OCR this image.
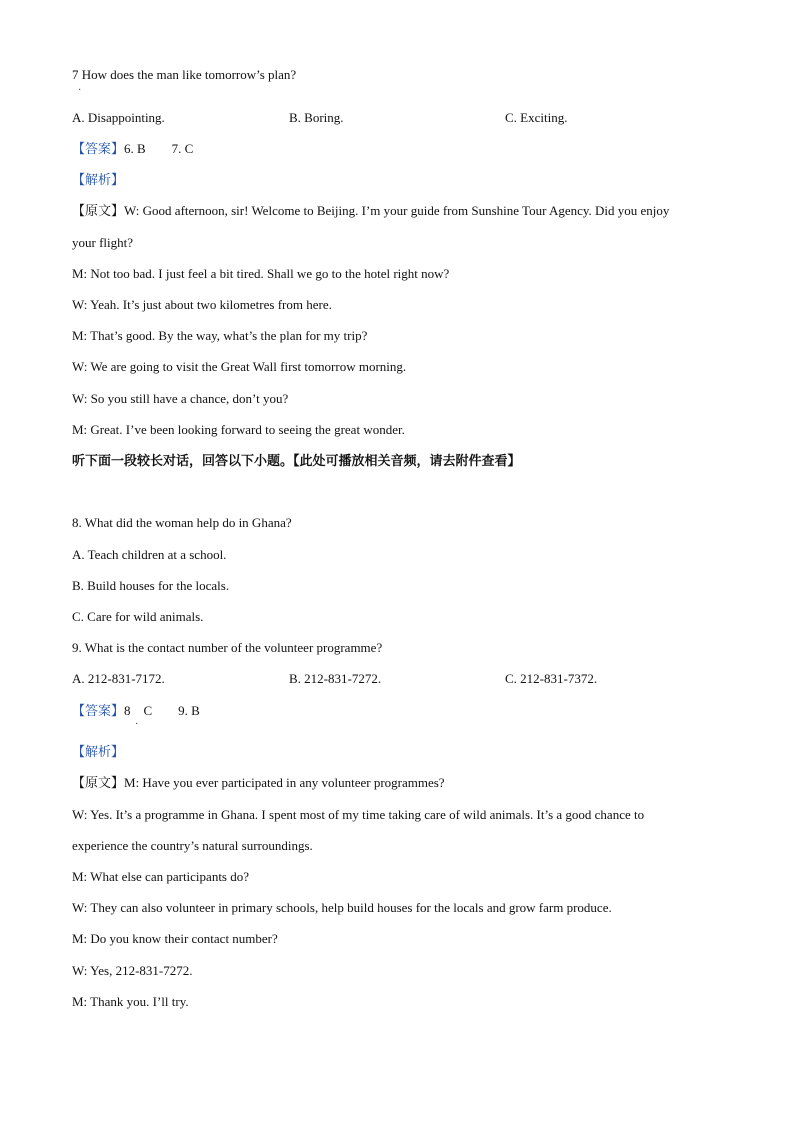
7 How does the man like tomorrow’s plan?
·
A. Disappointing.	B. Boring.	C. Exciting.
【答案】6. B        7. C
【解析】
【原文】W: Good afternoon, sir! Welcome to Beijing. I’m your guide from Sunshine Tour Agency. Did you enjoy
your flight?
M: Not too bad. I just feel a bit tired. Shall we go to the hotel right now?
W: Yeah. It’s just about two kilometres from here.
M: That’s good. By the way, what’s the plan for my trip?
W: We are going to visit the Great Wall first tomorrow morning.
W: So you still have a chance, don’t you?
M: Great. I’ve been looking forward to seeing the great wonder.
听下面一段较长对话，回答以下小题。【此处可播放相关音频，请去附件查看】
8. What did the woman help do in Ghana?
A. Teach children at a school.
B. Build houses for the locals.
C. Care for wild animals.
9. What is the contact number of the volunteer programme?
A. 212-831-7172.	B. 212-831-7272.	C. 212-831-7372.
【答案】8    C        9. B
·
【解析】
【原文】M: Have you ever participated in any volunteer programmes?
W: Yes. It’s a programme in Ghana. I spent most of my time taking care of wild animals. It’s a good chance to
experience the country’s natural surroundings.
M: What else can participants do?
W: They can also volunteer in primary schools, help build houses for the locals and grow farm produce.
M: Do you know their contact number?
W: Yes, 212-831-7272.
M: Thank you. I’ll try.
